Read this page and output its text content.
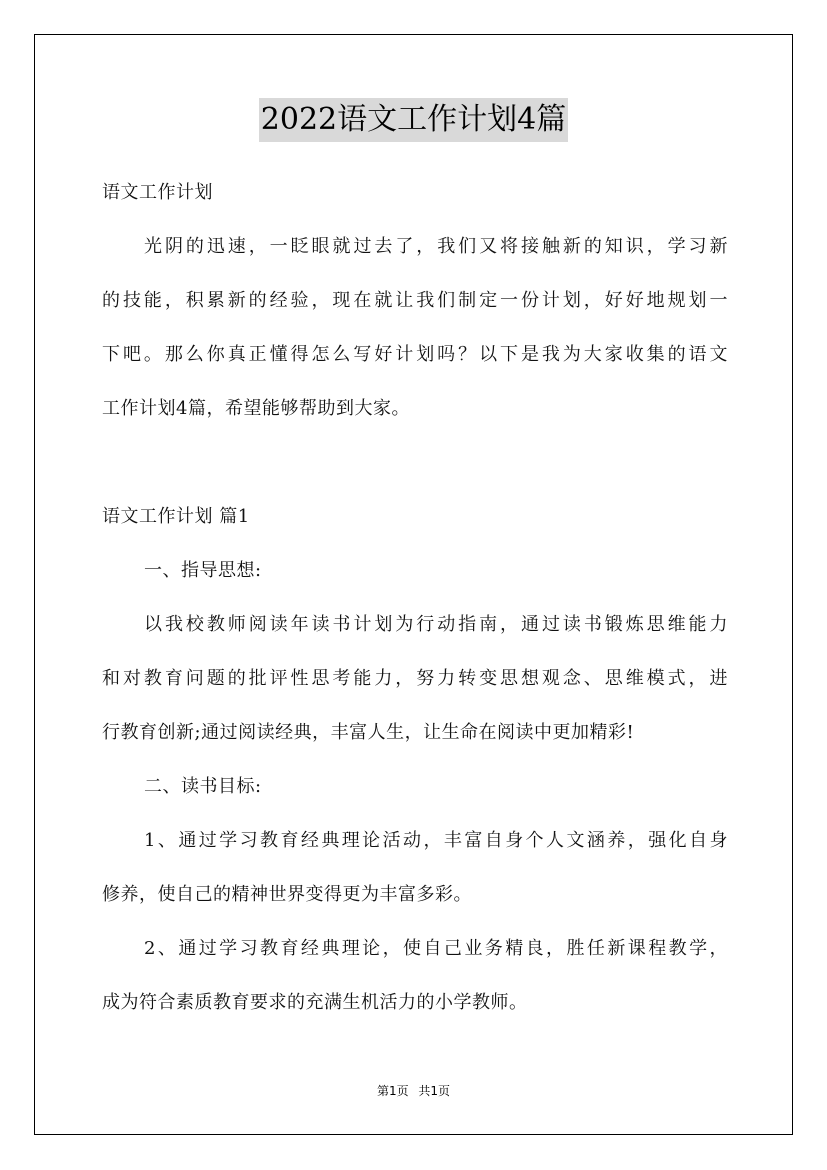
2022语文工作计划4篇
语文工作计划
光阴的迅速，一眨眼就过去了，我们又将接触新的知识，学习新
的技能，积累新的经验，现在就让我们制定一份计划，好好地规划一
下吧。那么你真正懂得怎么写好计划吗？以下是我为大家收集的语文
工作计划4篇，希望能够帮助到大家。
语文工作计划 篇1
一、指导思想:
以我校教师阅读年读书计划为行动指南，通过读书锻炼思维能力
和对教育问题的批评性思考能力，努力转变思想观念、思维模式，进
行教育创新;通过阅读经典，丰富人生，让生命在阅读中更加精彩!
二、读书目标:
1、通过学习教育经典理论活动，丰富自身个人文涵养，强化自身
修养，使自己的精神世界变得更为丰富多彩。
2、通过学习教育经典理论，使自己业务精良，胜任新课程教学，
成为符合素质教育要求的充满生机活力的小学教师。
第1页 共1页
